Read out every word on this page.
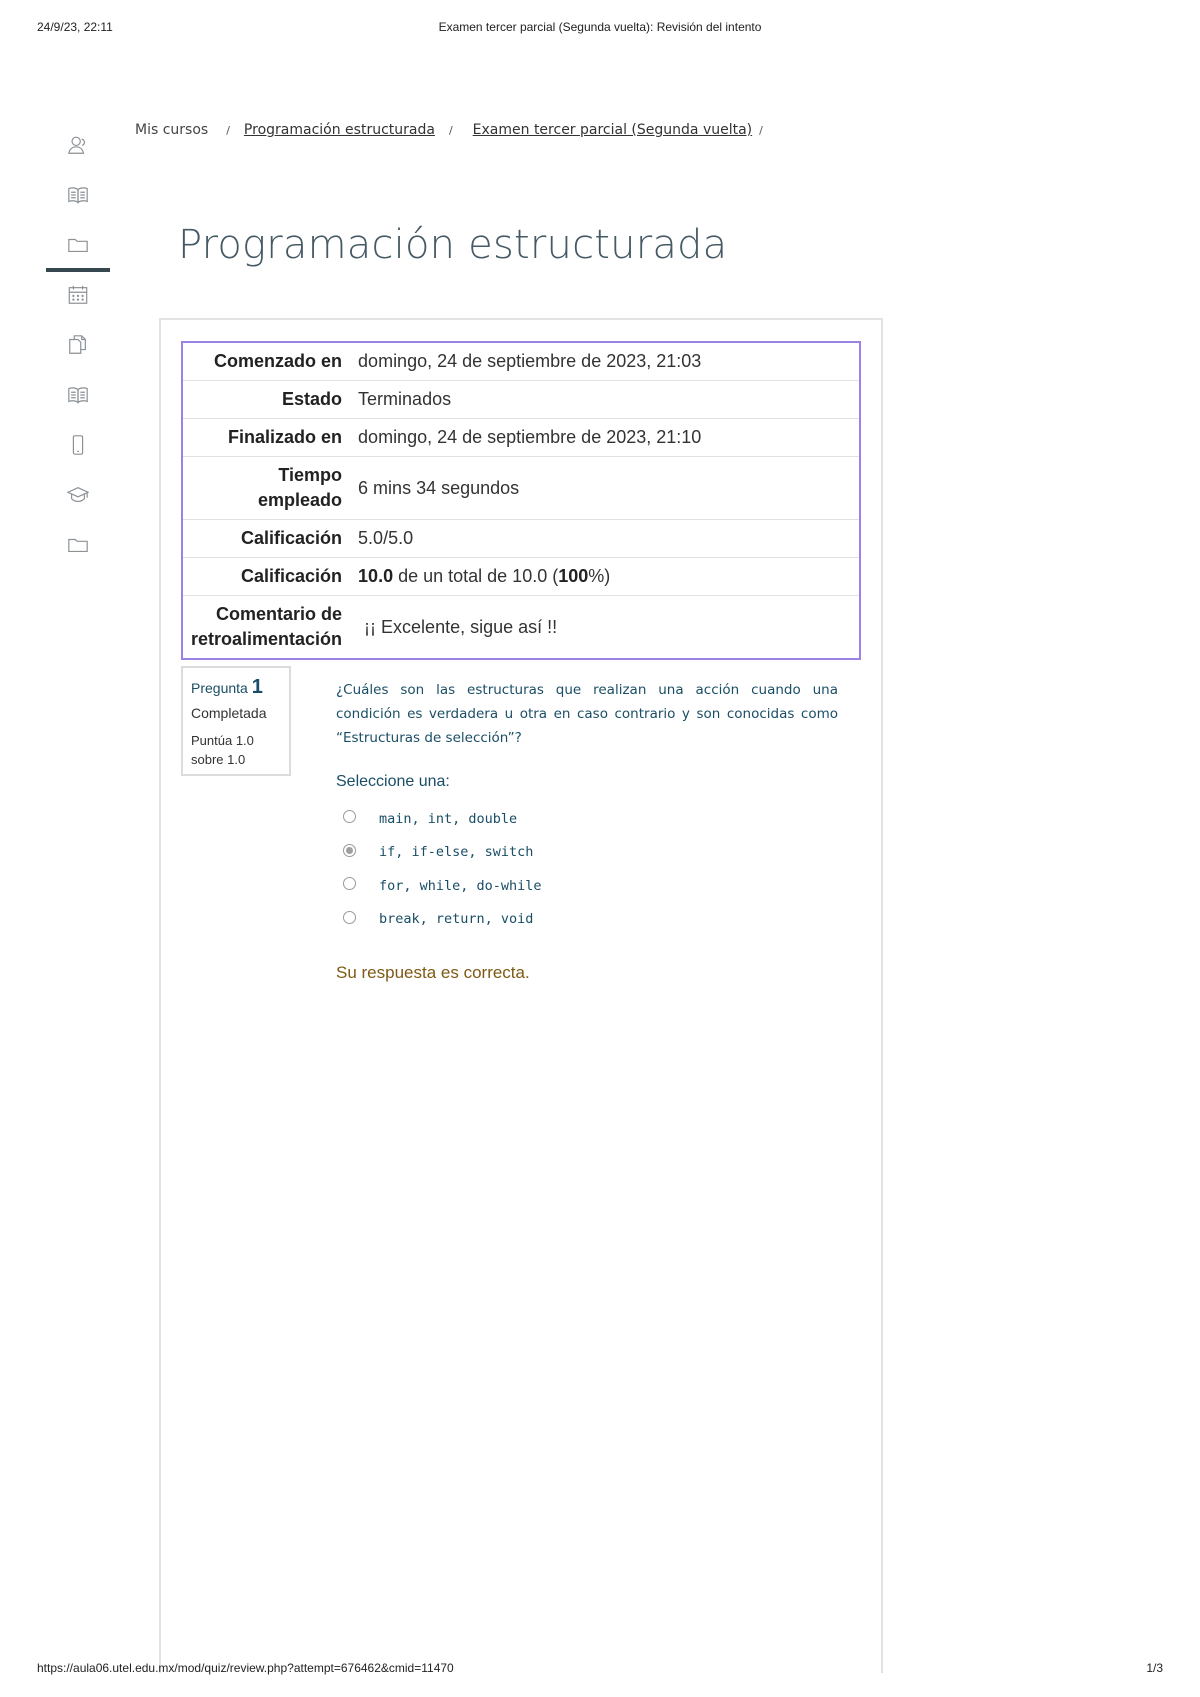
24/9/23, 22:11	Examen tercer parcial (Segunda vuelta): Revisión del intento
Mis cursos / Programación estructurada / Examen tercer parcial (Segunda vuelta) /
Programación estructurada
Comenzado en	domingo, 24 de septiembre de 2023, 21:03
Estado	Terminados
Finalizado en	domingo, 24 de septiembre de 2023, 21:10
Tiempo
empleado	6 mins 34 segundos
Calificación	5.0/5.0
Calificación	10.0 de un total de 10.0 (100%)
Comentario de
retroalimentación	¡¡ Excelente, sigue así !!
Pregunta 1
Completada
Puntúa 1.0
sobre 1.0
¿Cuáles son las estructuras que realizan una acción cuando una condición es verdadera u otra en caso contrario y son conocidas como “Estructuras de selección”?
Seleccione una:
main, int, double
if, if-else, switch
for, while, do-while
break, return, void
Su respuesta es correcta.
https://aula06.utel.edu.mx/mod/quiz/review.php?attempt=676462&cmid=11470	1/3
